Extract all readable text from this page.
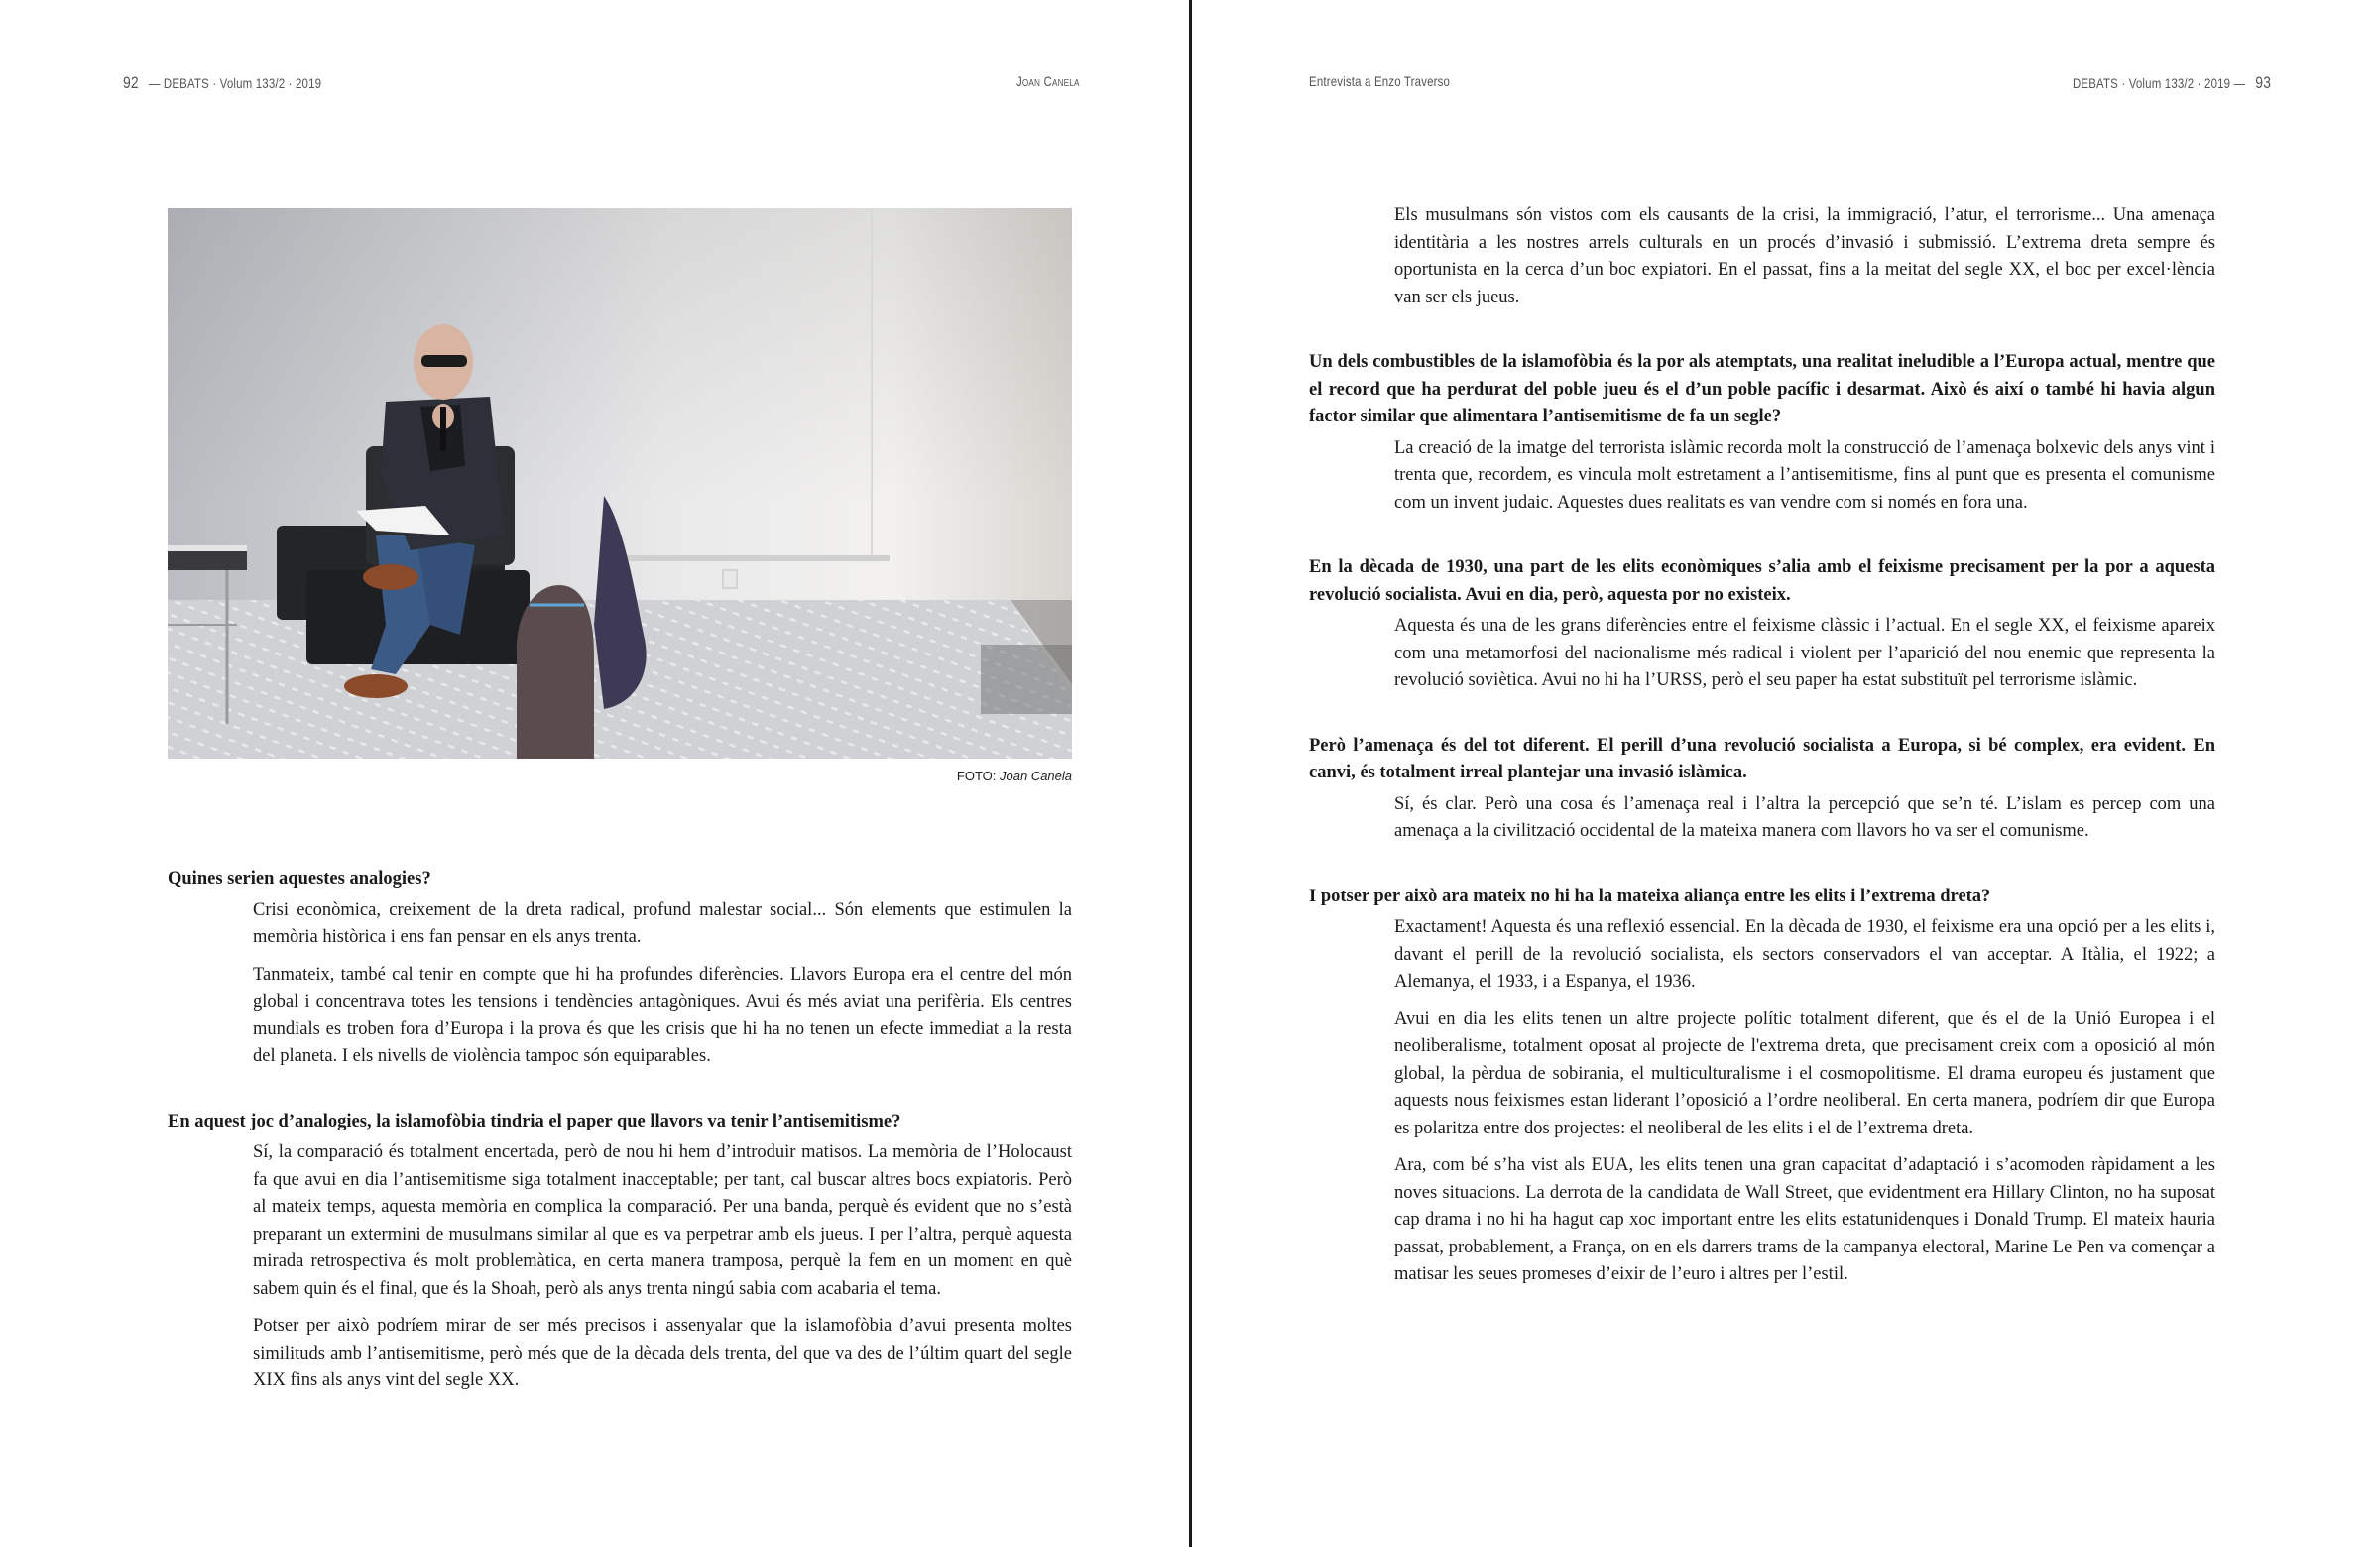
92 — DEBATS · Volum 133/2 · 2019	Joan Canela
FOTO: Joan Canela

Quines serien aquestes analogies?

Crisi econòmica, creixement de la dreta radical, profund malestar social... Són elements que estimulen la memòria històrica i ens fan pensar en els anys trenta.

Tanmateix, també cal tenir en compte que hi ha profundes diferències. Llavors Europa era el centre del món global i concentrava totes les tensions i tendències antagòniques. Avui és més aviat una perifèria. Els centres mundials es troben fora d’Europa i la prova és que les crisis que hi ha no tenen un efecte immediat a la resta del planeta. I els nivells de violència tampoc són equiparables.

En aquest joc d’analogies, la islamofòbia tindria el paper que llavors va tenir l’antisemitisme?

Sí, la comparació és totalment encertada, però de nou hi hem d’introduir matisos. La memòria de l’Holocaust fa que avui en dia l’antisemitisme siga totalment inacceptable; per tant, cal buscar altres bocs expiatoris. Però al mateix temps, aquesta memòria en complica la comparació. Per una banda, perquè és evident que no s’està preparant un extermini de musulmans similar al que es va perpetrar amb els jueus. I per l’altra, perquè aquesta mirada retrospectiva és molt problemàtica, en certa manera tramposa, perquè la fem en un moment en què sabem quin és el final, que és la Shoah, però als anys trenta ningú sabia com acabaria el tema.

Potser per això podríem mirar de ser més precisos i assenyalar que la islamofòbia d’avui presenta moltes similituds amb l’antisemitisme, però més que de la dècada dels trenta, del que va des de l’últim quart del segle XIX fins als anys vint del segle XX.

Entrevista a Enzo Traverso	DEBATS · Volum 133/2 · 2019 — 93

Els musulmans són vistos com els causants de la crisi, la immigració, l’atur, el terrorisme... Una amenaça identitària a les nostres arrels culturals en un procés d’invasió i submissió. L’extrema dreta sempre és oportunista en la cerca d’un boc expiatori. En el passat, fins a la meitat del segle XX, el boc per excel·lència van ser els jueus.

Un dels combustibles de la islamofòbia és la por als atemptats, una realitat ineludible a l’Europa actual, mentre que el record que ha perdurat del poble jueu és el d’un poble pacífic i desarmat. Això és així o també hi havia algun factor similar que alimentara l’antisemitisme de fa un segle?

La creació de la imatge del terrorista islàmic recorda molt la construcció de l’amenaça bolxevic dels anys vint i trenta que, recordem, es vincula molt estretament a l’antisemitisme, fins al punt que es presenta el comunisme com un invent judaic. Aquestes dues realitats es van vendre com si només en fora una.

En la dècada de 1930, una part de les elits econòmiques s’alia amb el feixisme precisament per la por a aquesta revolució socialista. Avui en dia, però, aquesta por no existeix.

Aquesta és una de les grans diferències entre el feixisme clàssic i l’actual. En el segle XX, el feixisme apareix com una metamorfosi del nacionalisme més radical i violent per l’aparició del nou enemic que representa la revolució soviètica. Avui no hi ha l’URSS, però el seu paper ha estat substituït pel terrorisme islàmic.

Però l’amenaça és del tot diferent. El perill d’una revolució socialista a Europa, si bé complex, era evident. En canvi, és totalment irreal plantejar una invasió islàmica.

Sí, és clar. Però una cosa és l’amenaça real i l’altra la percepció que se’n té. L’islam es percep com una amenaça a la civilització occidental de la mateixa manera com llavors ho va ser el comunisme.

I potser per això ara mateix no hi ha la mateixa aliança entre les elits i l’extrema dreta?

Exactament! Aquesta és una reflexió essencial. En la dècada de 1930, el feixisme era una opció per a les elits i, davant el perill de la revolució socialista, els sectors conservadors el van acceptar. A Itàlia, el 1922; a Alemanya, el 1933, i a Espanya, el 1936.

Avui en dia les elits tenen un altre projecte polític totalment diferent, que és el de la Unió Europea i el neoliberalisme, totalment oposat al projecte de l'extrema dreta, que precisament creix com a oposició al món global, la pèrdua de sobirania, el multiculturalisme i el cosmopolitisme. El drama europeu és justament que aquests nous feixismes estan liderant l’oposició a l’ordre neoliberal. En certa manera, podríem dir que Europa es polaritza entre dos projectes: el neoliberal de les elits i el de l’extrema dreta.

Ara, com bé s’ha vist als EUA, les elits tenen una gran capacitat d’adaptació i s’acomoden ràpidament a les noves situacions. La derrota de la candidata de Wall Street, que evidentment era Hillary Clinton, no ha suposat cap drama i no hi ha hagut cap xoc important entre les elits estatunidenques i Donald Trump. El mateix hauria passat, probablement, a França, on en els darrers trams de la campanya electoral, Marine Le Pen va començar a matisar les seues promeses d’eixir de l’euro i altres per l’estil.
